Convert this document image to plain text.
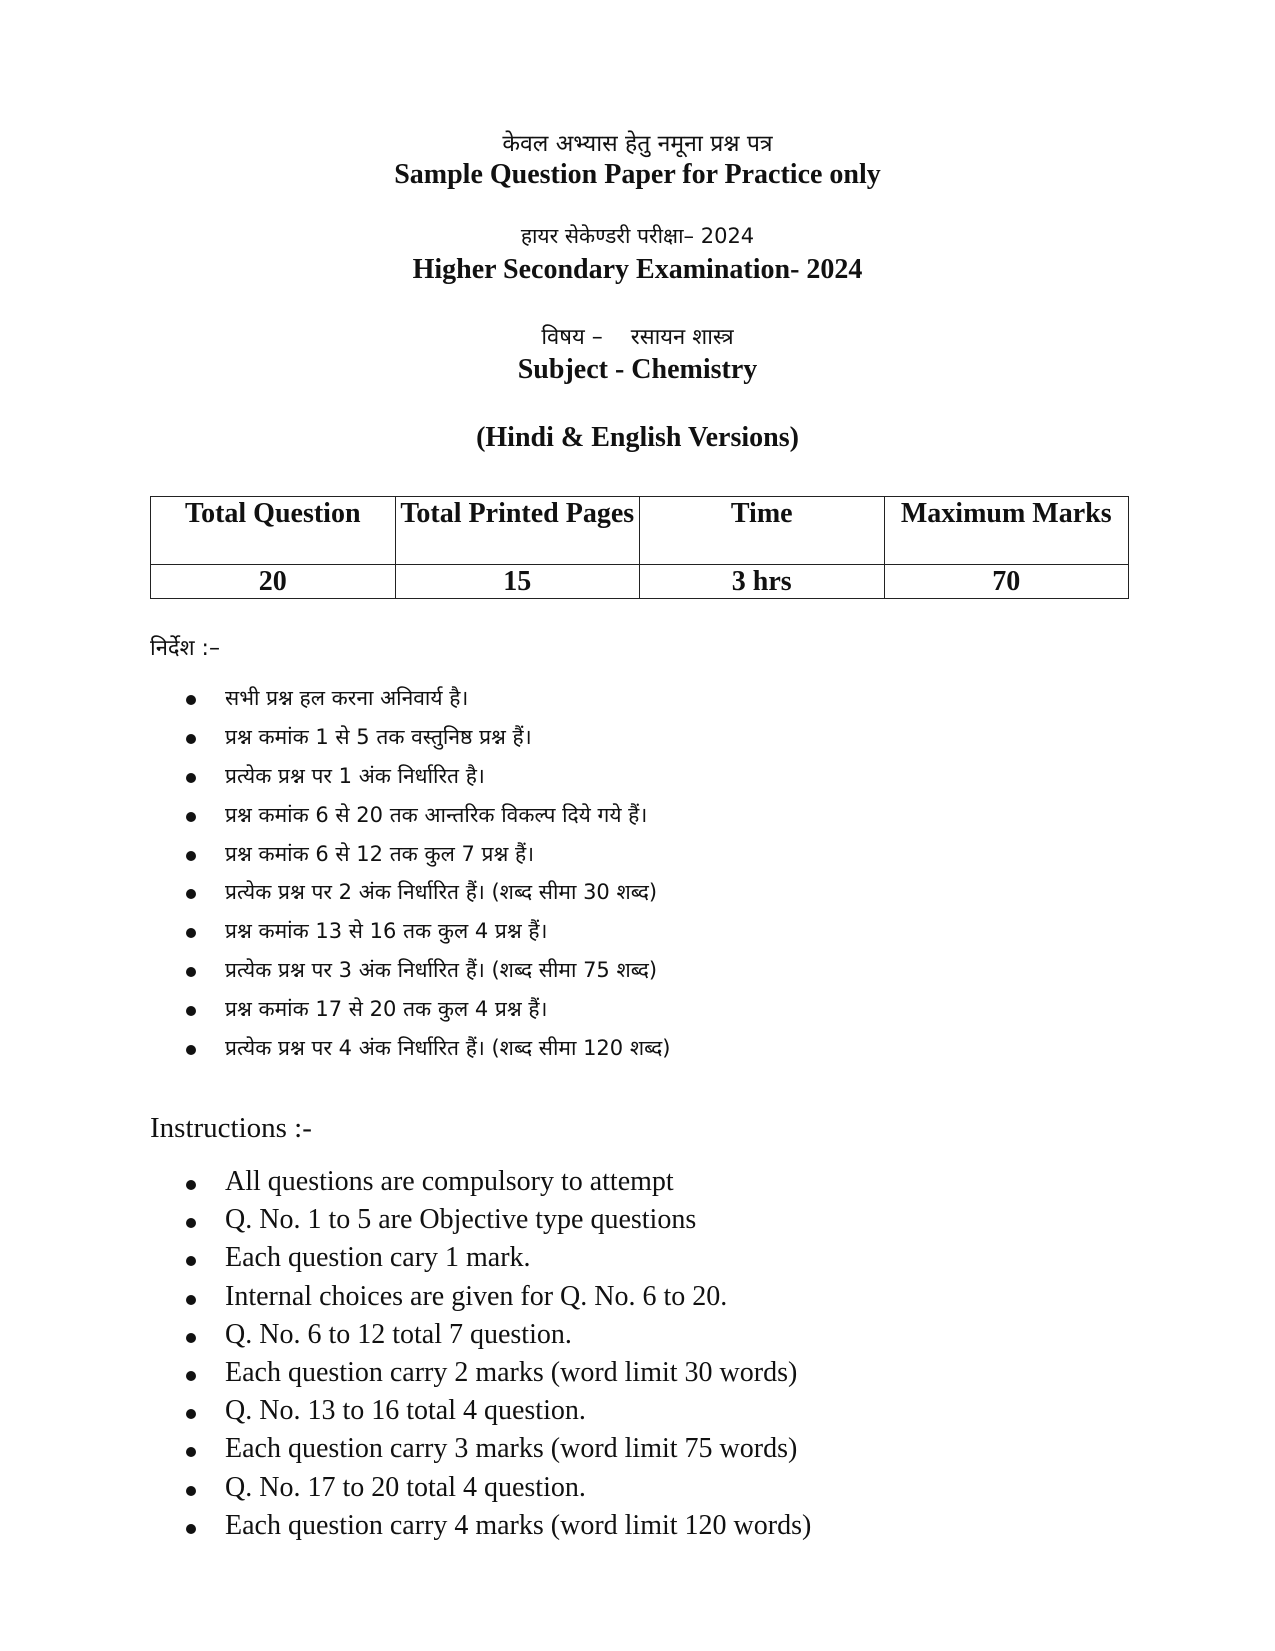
केवल अभ्यास हेतु नमूना प्रश्न पत्र
Sample Question Paper for Practice only
हायर सेकेण्डरी परीक्षा– 2024
Higher Secondary Examination- 2024
विषय –    रसायन शास्त्र
Subject - Chemistry
(Hindi & English Versions)
Total Question	Total Printed Pages	Time	Maximum Marks
20	15	3 hrs	70
निर्देश :–
सभी प्रश्न हल करना अनिवार्य है।
प्रश्न कमांक 1 से 5 तक वस्तुनिष्ठ प्रश्न हैं।
प्रत्येक प्रश्न पर 1 अंक निर्धारित है।
प्रश्न कमांक 6 से 20 तक आन्तरिक विकल्प दिये गये हैं।
प्रश्न कमांक 6 से 12 तक कुल 7 प्रश्न हैं।
प्रत्येक प्रश्न पर 2 अंक निर्धारित हैं। (शब्द सीमा 30 शब्द)
प्रश्न कमांक 13 से 16 तक कुल 4 प्रश्न हैं।
प्रत्येक प्रश्न पर 3 अंक निर्धारित हैं। (शब्द सीमा 75 शब्द)
प्रश्न कमांक 17 से 20 तक कुल 4 प्रश्न हैं।
प्रत्येक प्रश्न पर 4 अंक निर्धारित हैं। (शब्द सीमा 120 शब्द)
Instructions :-
All questions are compulsory to attempt
Q. No. 1 to 5 are Objective type questions
Each question cary 1 mark.
Internal choices are given for Q. No. 6 to 20.
Q. No. 6 to 12 total 7 question.
Each question carry 2 marks (word limit 30 words)
Q. No. 13 to 16 total 4 question.
Each question carry 3 marks (word limit 75 words)
Q. No. 17 to 20 total 4 question.
Each question carry 4 marks (word limit 120 words)
